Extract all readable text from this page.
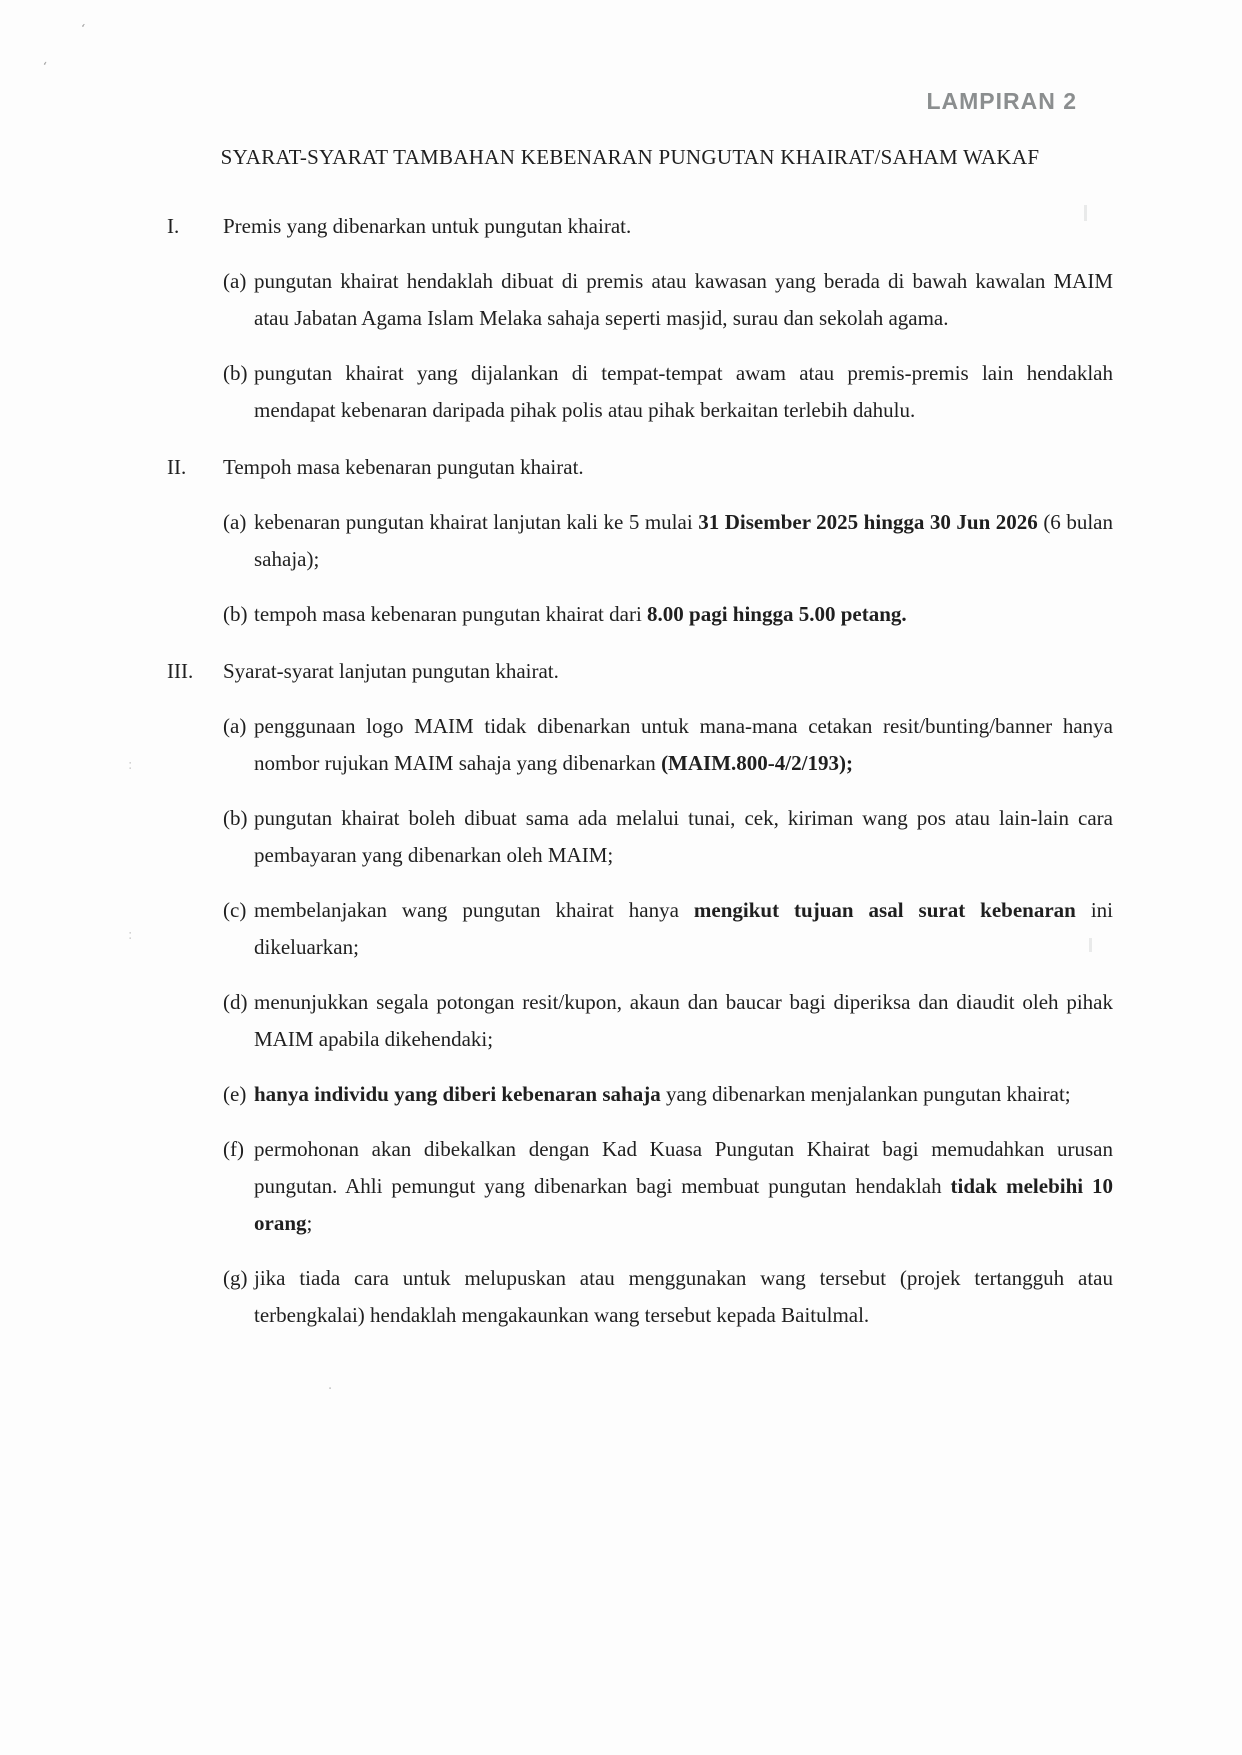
LAMPIRAN 2
SYARAT-SYARAT TAMBAHAN KEBENARAN PUNGUTAN KHAIRAT/SAHAM WAKAF
I.	Premis yang dibenarkan untuk pungutan khairat.
(a) pungutan khairat hendaklah dibuat di premis atau kawasan yang berada di bawah kawalan MAIM atau Jabatan Agama Islam Melaka sahaja seperti masjid, surau dan sekolah agama.

(b) pungutan khairat yang dijalankan di tempat-tempat awam atau premis-premis lain hendaklah mendapat kebenaran daripada pihak polis atau pihak berkaitan terlebih dahulu.

II.	Tempoh masa kebenaran pungutan khairat.
(a) kebenaran pungutan khairat lanjutan kali ke 5 mulai 31 Disember 2025 hingga 30 Jun 2026 (6 bulan sahaja);

(b) tempoh masa kebenaran pungutan khairat dari 8.00 pagi hingga 5.00 petang.

III.	Syarat-syarat lanjutan pungutan khairat.
(a) penggunaan logo MAIM tidak dibenarkan untuk mana-mana cetakan resit/bunting/banner hanya nombor rujukan MAIM sahaja yang dibenarkan (MAIM.800-4/2/193);

(b) pungutan khairat boleh dibuat sama ada melalui tunai, cek, kiriman wang pos atau lain-lain cara pembayaran yang dibenarkan oleh MAIM;

(c) membelanjakan wang pungutan khairat hanya mengikut tujuan asal surat kebenaran ini dikeluarkan;

(d) menunjukkan segala potongan resit/kupon, akaun dan baucar bagi diperiksa dan diaudit oleh pihak MAIM apabila dikehendaki;

(e) hanya individu yang diberi kebenaran sahaja yang dibenarkan menjalankan pungutan khairat;

(f) permohonan akan dibekalkan dengan Kad Kuasa Pungutan Khairat bagi memudahkan urusan pungutan. Ahli pemungut yang dibenarkan bagi membuat pungutan hendaklah tidak melebihi 10 orang;

(g) jika tiada cara untuk melupuskan atau menggunakan wang tersebut (projek tertangguh atau terbengkalai) hendaklah mengakaunkan wang tersebut kepada Baitulmal.

‘
‘
:
:
.
